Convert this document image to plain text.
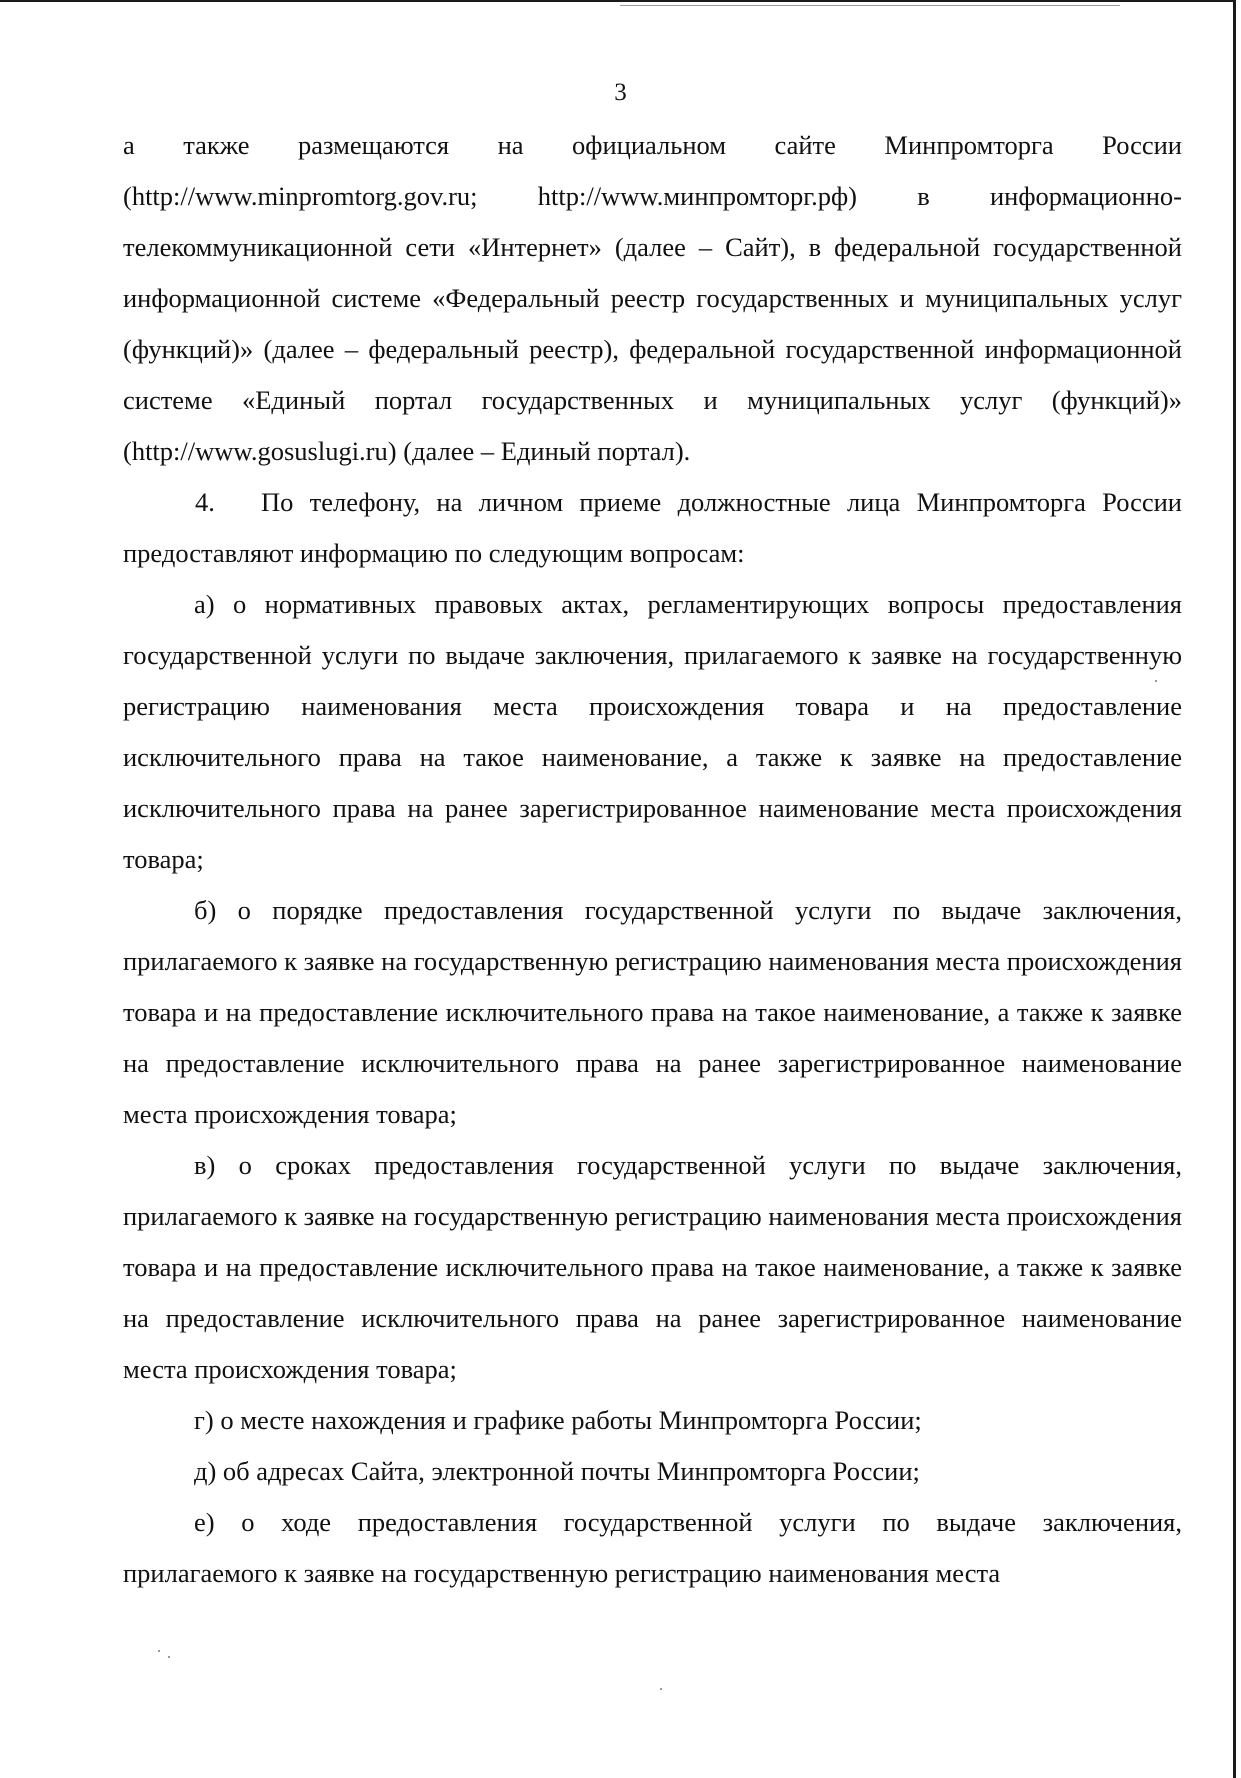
3

а также размещаются на официальном сайте Минпромторга России (http://www.minpromtorg.gov.ru; http://www.минпромторг.рф) в информационно-телекоммуникационной сети «Интернет» (далее – Сайт), в федеральной государственной информационной системе «Федеральный реестр государственных и муниципальных услуг (функций)» (далее – федеральный реестр), федеральной государственной информационной системе «Единый портал государственных и муниципальных услуг (функций)» (http://www.gosuslugi.ru) (далее – Единый портал).

4. По телефону, на личном приеме должностные лица Минпромторга России предоставляют информацию по следующим вопросам:

а) о нормативных правовых актах, регламентирующих вопросы предоставления государственной услуги по выдаче заключения, прилагаемого к заявке на государственную регистрацию наименования места происхождения товара и на предоставление исключительного права на такое наименование, а также к заявке на предоставление исключительного права на ранее зарегистрированное наименование места происхождения товара;

б) о порядке предоставления государственной услуги по выдаче заключения, прилагаемого к заявке на государственную регистрацию наименования места происхождения товара и на предоставление исключительного права на такое наименование, а также к заявке на предоставление исключительного права на ранее зарегистрированное наименование места происхождения товара;

в) о сроках предоставления государственной услуги по выдаче заключения, прилагаемого к заявке на государственную регистрацию наименования места происхождения товара и на предоставление исключительного права на такое наименование, а также к заявке на предоставление исключительного права на ранее зарегистрированное наименование места происхождения товара;

г) о месте нахождения и графике работы Минпромторга России;

д) об адресах Сайта, электронной почты Минпромторга России;

е) о ходе предоставления государственной услуги по выдаче заключения, прилагаемого к заявке на государственную регистрацию наименования места
